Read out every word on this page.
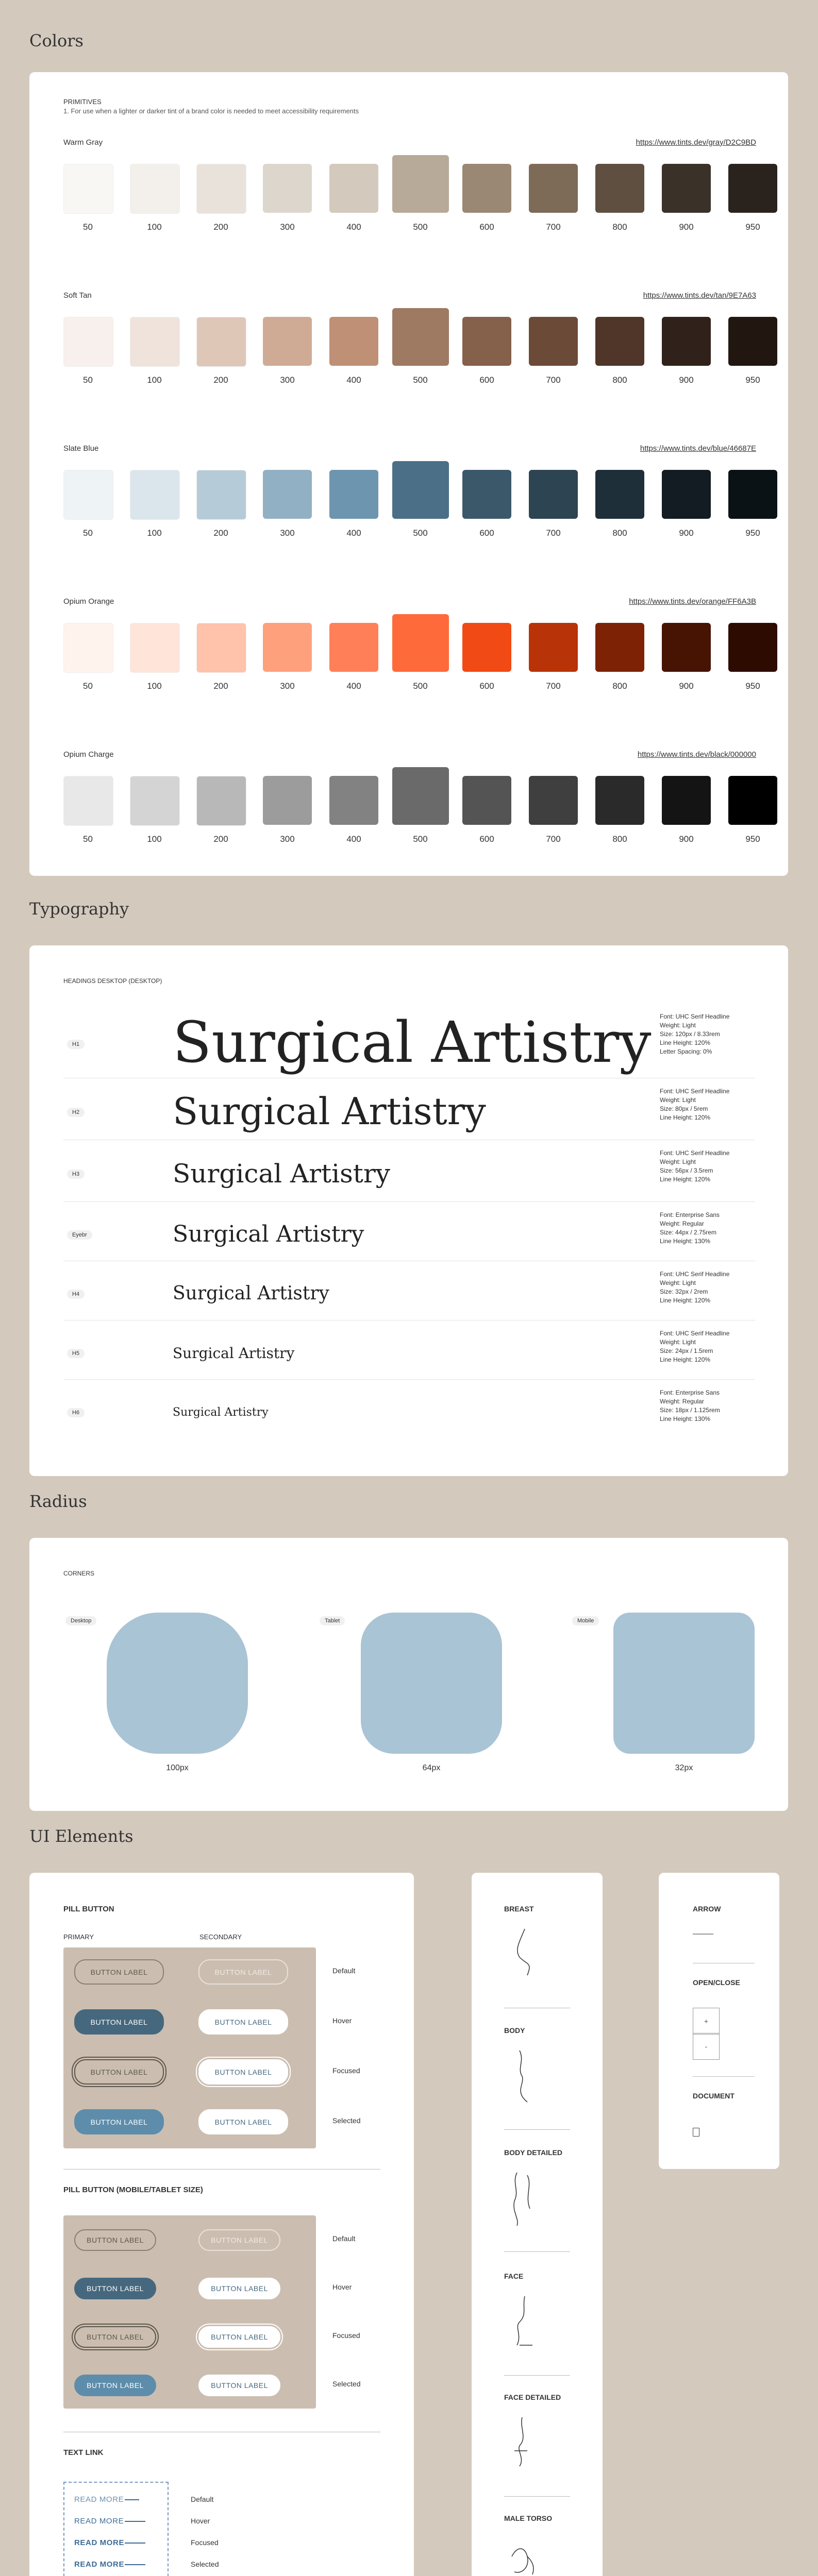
Colors
PRIMITIVES
1. For use when a lighter or darker tint of a brand color is needed to meet accessibility requirements
Typography
HEADINGS DESKTOP (DESKTOP)
Radius
CORNERS
UI Elements
PILL BUTTON
PRIMARY	SECONDARY
PILL BUTTON (MOBILE/TABLET SIZE)
TEXT LINK
ARROW
OPEN/CLOSE
+
-
DOCUMENT
Warm Gray	https://www.tints.dev/gray/D2C9BD
50	100	200	300	400	500	600	700	800	900	950
Soft Tan	https://www.tints.dev/tan/9E7A63
50	100	200	300	400	500	600	700	800	900	950
Slate Blue	https://www.tints.dev/blue/46687E
50	100	200	300	400	500	600	700	800	900	950
Opium Orange	https://www.tints.dev/orange/FF6A3B
50	100	200	300	400	500	600	700	800	900	950
Opium Charge	https://www.tints.dev/black/000000
50	100	200	300	400	500	600	700	800	900	950
H1 Surgical Artistry Font: UHC Serif Headline
Weight: Light
Size: 120px / 8.33rem
Line Height: 120%
Letter Spacing: 0%
H2	Surgical Artistry	Font: UHC Serif Headline
Weight: Light
Size: 80px / 5rem
Line Height: 120%
H3	Surgical Artistry
Font: UHC Serif Headline
Weight: Light
Size: 56px / 3.5rem
Line Height: 120%
Eyebr	Surgical Artistry
Font: Enterprise Sans
Weight: Regular
Size: 44px / 2.75rem
Line Height: 130%
H4	Surgical Artistry
Font: UHC Serif Headline
Weight: Light
Size: 32px / 2rem
Line Height: 120%
H5	Surgical Artistry
Font: UHC Serif Headline
Weight: Light
Size: 24px / 1.5rem
Line Height: 120%
H6	Surgical Artistry
Font: Enterprise Sans
Weight: Regular
Size: 18px / 1.125rem
Line Height: 130%
Desktop
100px
Tablet
64px
Mobile
32px
BUTTON LABEL	BUTTON LABEL	Default
BUTTON LABEL	BUTTON LABEL	Hover
BUTTON LABEL	BUTTON LABEL	Focused
BUTTON LABEL	BUTTON LABEL	Selected
BUTTON LABEL	BUTTON LABEL	Default
BUTTON LABEL	BUTTON LABEL	Hover
BUTTON LABEL	BUTTON LABEL	Focused
BUTTON LABEL	BUTTON LABEL	Selected
READ MORE	Default
READ MORE	Hover
READ MORE	Focused
READ MORE	Selected
BREAST
BODY
BODY DETAILED
FACE
FACE DETAILED
MALE TORSO
